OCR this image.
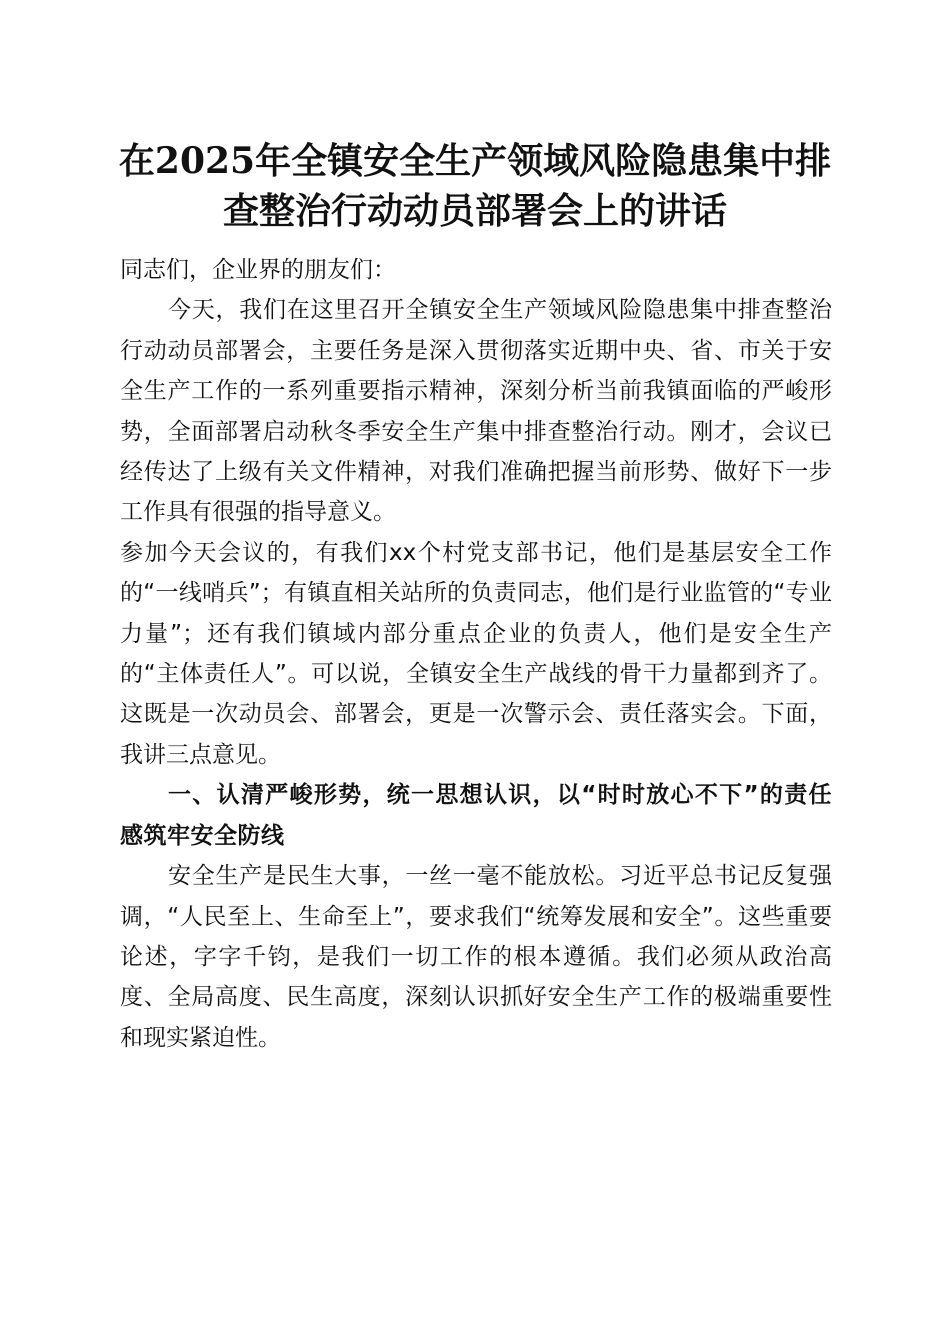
在2025年全镇安全生产领域风险隐患集中排
查整治行动动员部署会上的讲话

同志们，企业界的朋友们：

今天，我们在这里召开全镇安全生产领域风险隐患集中排查整治行动动员部署会，主要任务是深入贯彻落实近期中央、省、市关于安全生产工作的一系列重要指示精神，深刻分析当前我镇面临的严峻形势，全面部署启动秋冬季安全生产集中排查整治行动。刚才，会议已经传达了上级有关文件精神，对我们准确把握当前形势、做好下一步工作具有很强的指导意义。

参加今天会议的，有我们xx个村党支部书记，他们是基层安全工作的“一线哨兵”；有镇直相关站所的负责同志，他们是行业监管的“专业力量”；还有我们镇域内部分重点企业的负责人，他们是安全生产的“主体责任人”。可以说，全镇安全生产战线的骨干力量都到齐了。这既是一次动员会、部署会，更是一次警示会、责任落实会。下面，我讲三点意见。

一、认清严峻形势，统一思想认识，以“时时放心不下”的责任感筑牢安全防线

安全生产是民生大事，一丝一毫不能放松。习近平总书记反复强调，“人民至上、生命至上”，要求我们“统筹发展和安全”。这些重要论述，字字千钧，是我们一切工作的根本遵循。我们必须从政治高度、全局高度、民生高度，深刻认识抓好安全生产工作的极端重要性和现实紧迫性。
